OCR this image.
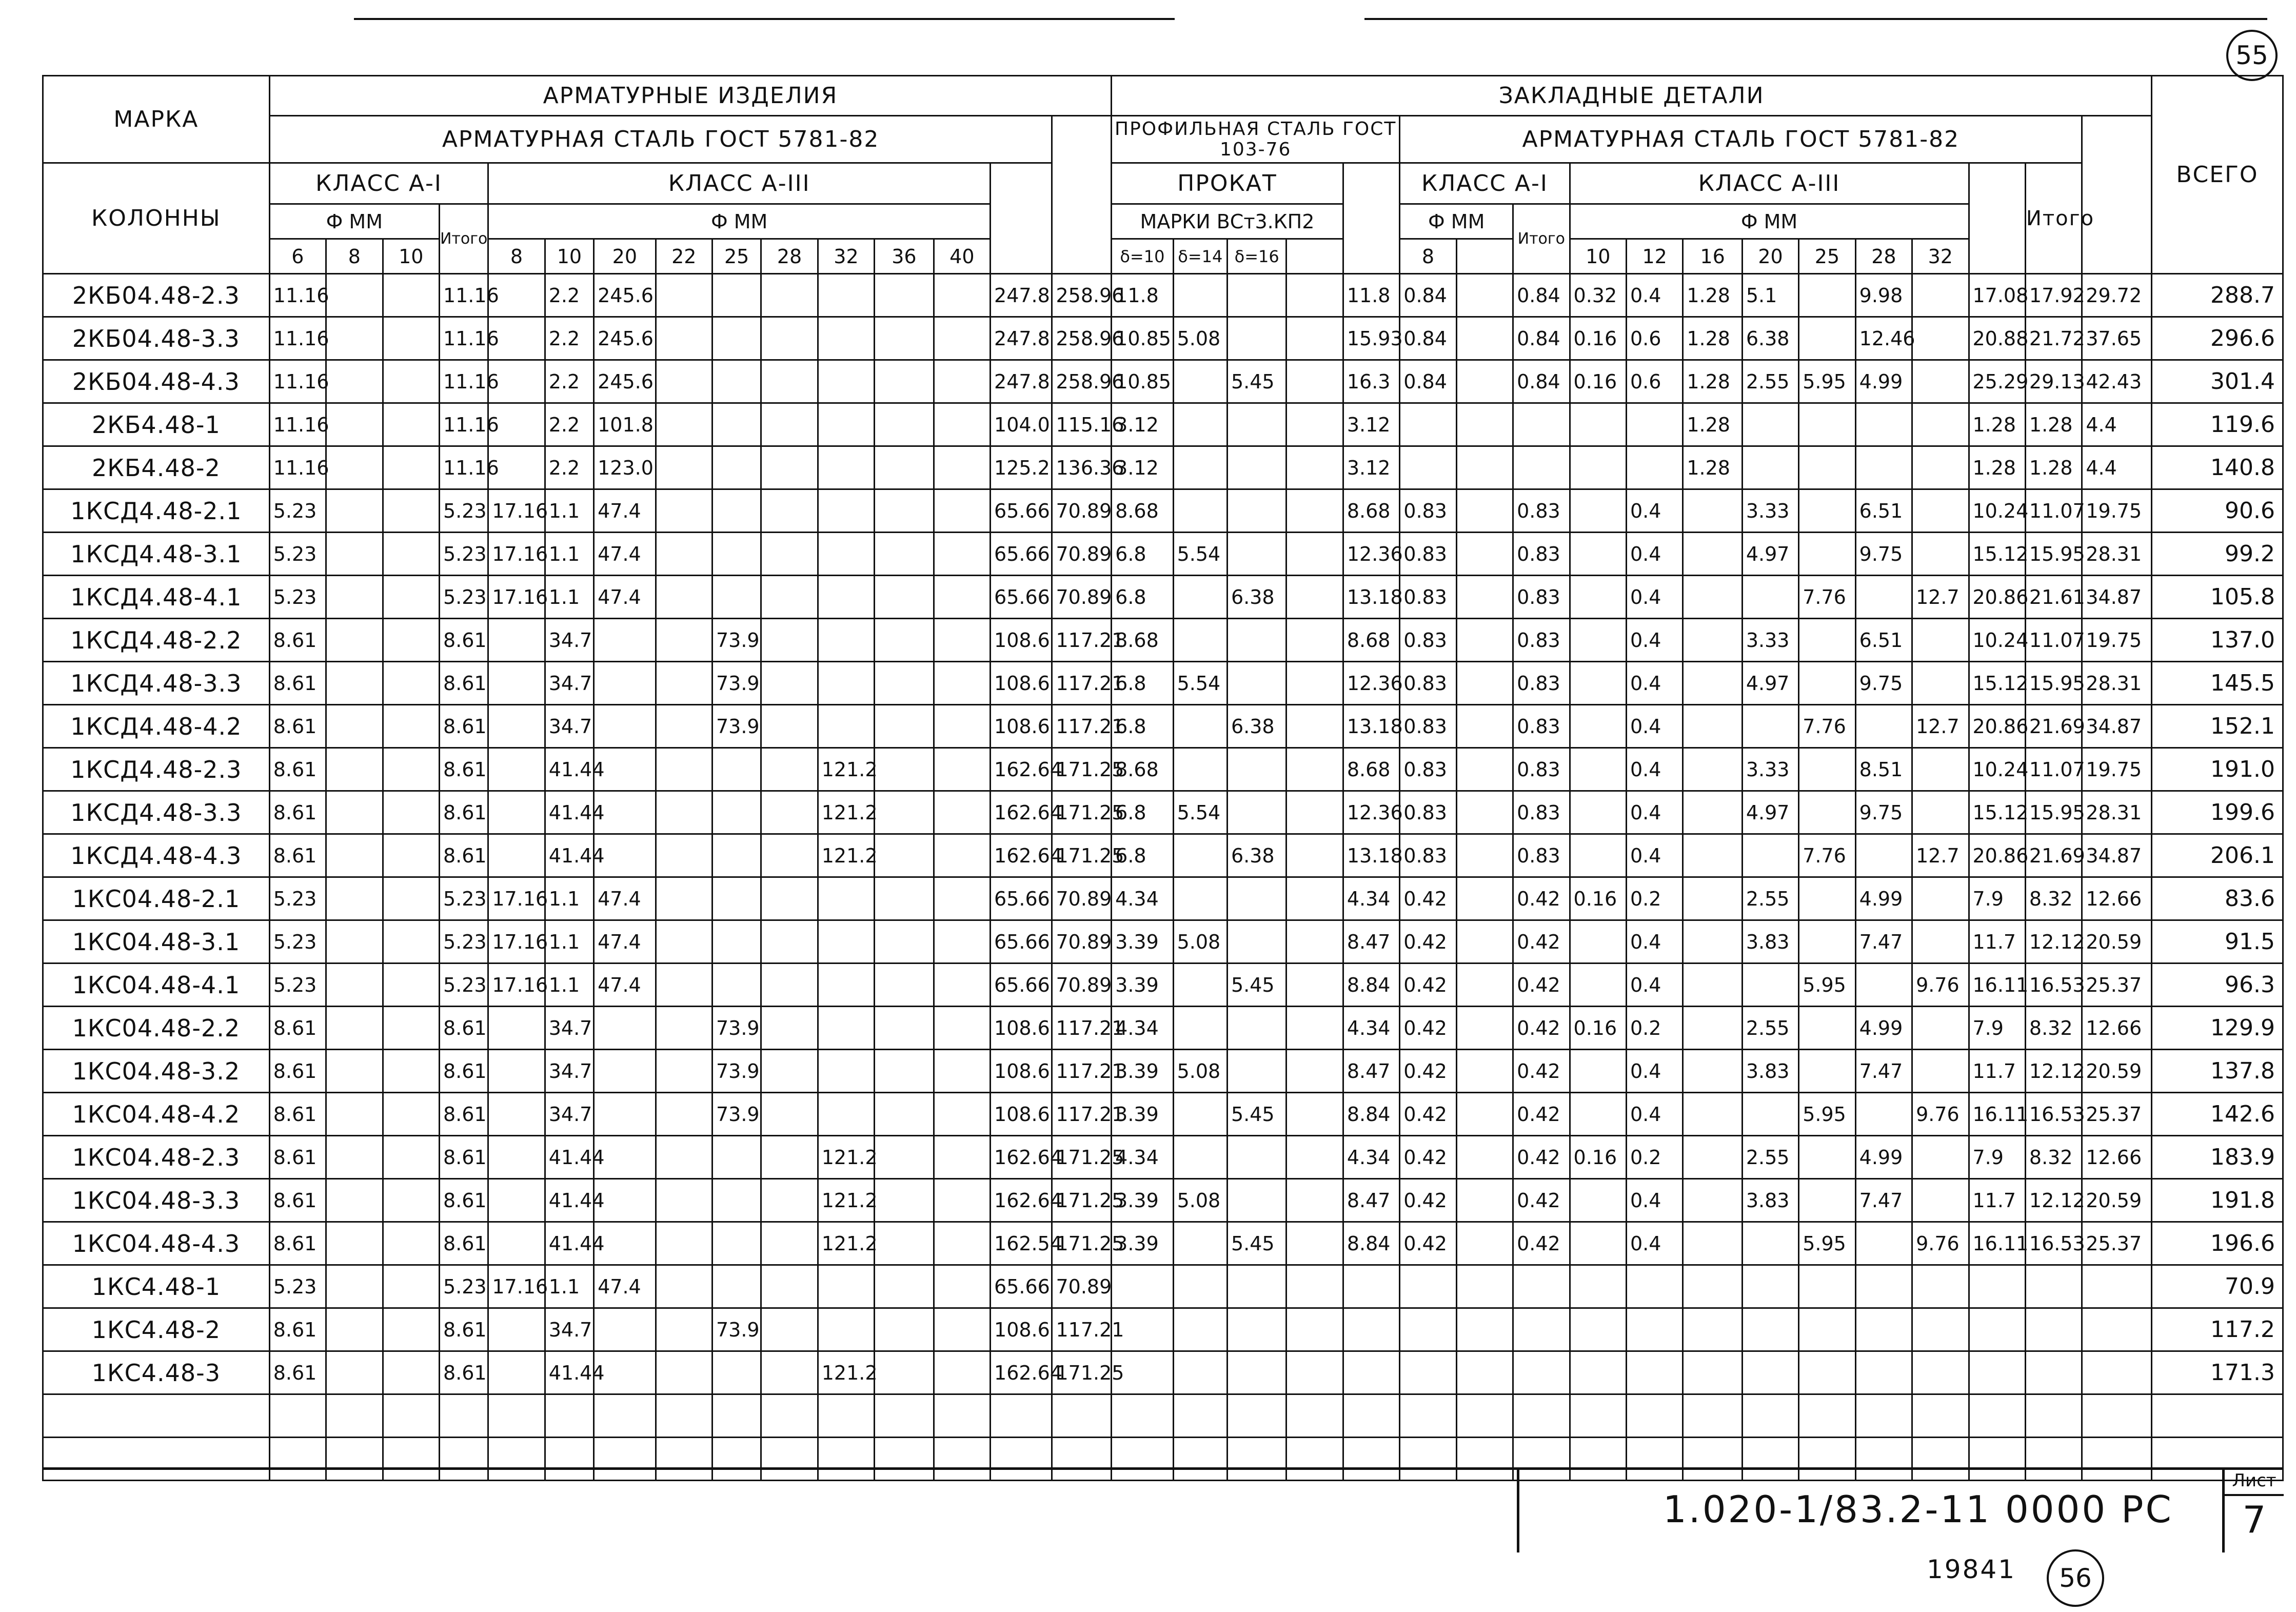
55
МАРКА	АРМАТУРНЫЕ ИЗДЕЛИЯ															ЗАКЛАДНЫЕ ДЕТАЛИ																		ВСЕГО
	АРМАТУРНАЯ СТАЛЬ ГОСТ 5781-82															ПРОФИЛЬНАЯ СТАЛЬ ГОСТ 103-76					АРМАТУРНАЯ СТАЛЬ ГОСТ 5781-82													
КОЛОННЫ	КЛАСС А-I				КЛАСС А-III											ПРОКАТ					КЛАСС А-I			КЛАСС А-III								Итого		
	Ф ММ			Итого	Ф ММ											МАРКИ ВСт3.КП2					Ф ММ		Итого	Ф ММ										
	6	8	10		8	10	20	22	25	28	32	36	40			δ=10	δ=14	δ=16			8			10	12	16	20	25	28	32				
2КБ04.48-2.3	11.16			11.16		2.2	245.6							247.8	258.96	11.8				11.8	0.84		0.84	0.32	0.4	1.28	5.1		9.98		17.08	17.92	29.72	288.7
2КБ04.48-3.3	11.16			11.16		2.2	245.6							247.8	258.96	10.85	5.08			15.93	0.84		0.84	0.16	0.6	1.28	6.38		12.46		20.88	21.72	37.65	296.6
2КБ04.48-4.3	11.16			11.16		2.2	245.6							247.8	258.96	10.85		5.45		16.3	0.84		0.84	0.16	0.6	1.28	2.55	5.95	4.99		25.29	29.13	42.43	301.4
2КБ4.48-1	11.16			11.16		2.2	101.8							104.0	115.16	3.12				3.12						1.28					1.28	1.28	4.4	119.6
2КБ4.48-2	11.16			11.16		2.2	123.0							125.2	136.36	3.12				3.12						1.28					1.28	1.28	4.4	140.8
1КСД4.48-2.1	5.23			5.23	17.16	1.1	47.4							65.66	70.89	8.68				8.68	0.83		0.83		0.4		3.33		6.51		10.24	11.07	19.75	90.6
1КСД4.48-3.1	5.23			5.23	17.16	1.1	47.4							65.66	70.89	6.8	5.54			12.36	0.83		0.83		0.4		4.97		9.75		15.12	15.95	28.31	99.2
1КСД4.48-4.1	5.23			5.23	17.16	1.1	47.4							65.66	70.89	6.8		6.38		13.18	0.83		0.83		0.4			7.76		12.7	20.86	21.61	34.87	105.8
1КСД4.48-2.2	8.61			8.61		34.7			73.9					108.6	117.21	8.68				8.68	0.83		0.83		0.4		3.33		6.51		10.24	11.07	19.75	137.0
1КСД4.48-3.3	8.61			8.61		34.7			73.9					108.6	117.21	6.8	5.54			12.36	0.83		0.83		0.4		4.97		9.75		15.12	15.95	28.31	145.5
1КСД4.48-4.2	8.61			8.61		34.7			73.9					108.6	117.21	6.8		6.38		13.18	0.83		0.83		0.4			7.76		12.7	20.86	21.69	34.87	152.1
1КСД4.48-2.3	8.61			8.61		41.44					121.2			162.64	171.25	8.68				8.68	0.83		0.83		0.4		3.33		8.51		10.24	11.07	19.75	191.0
1КСД4.48-3.3	8.61			8.61		41.44					121.2			162.64	171.25	6.8	5.54			12.36	0.83		0.83		0.4		4.97		9.75		15.12	15.95	28.31	199.6
1КСД4.48-4.3	8.61			8.61		41.44					121.2			162.64	171.25	6.8		6.38		13.18	0.83		0.83		0.4			7.76		12.7	20.86	21.69	34.87	206.1
1КС04.48-2.1	5.23			5.23	17.16	1.1	47.4							65.66	70.89	4.34				4.34	0.42		0.42	0.16	0.2		2.55		4.99		7.9	8.32	12.66	83.6
1КС04.48-3.1	5.23			5.23	17.16	1.1	47.4							65.66	70.89	3.39	5.08			8.47	0.42		0.42		0.4		3.83		7.47		11.7	12.12	20.59	91.5
1КС04.48-4.1	5.23			5.23	17.16	1.1	47.4							65.66	70.89	3.39		5.45		8.84	0.42		0.42		0.4			5.95		9.76	16.11	16.53	25.37	96.3
1КС04.48-2.2	8.61			8.61		34.7			73.9					108.6	117.21	4.34				4.34	0.42		0.42	0.16	0.2		2.55		4.99		7.9	8.32	12.66	129.9
1КС04.48-3.2	8.61			8.61		34.7			73.9					108.6	117.21	3.39	5.08			8.47	0.42		0.42		0.4		3.83		7.47		11.7	12.12	20.59	137.8
1КС04.48-4.2	8.61			8.61		34.7			73.9					108.6	117.21	3.39		5.45		8.84	0.42		0.42		0.4			5.95		9.76	16.11	16.53	25.37	142.6
1КС04.48-2.3	8.61			8.61		41.44					121.2			162.64	171.25	4.34				4.34	0.42		0.42	0.16	0.2		2.55		4.99		7.9	8.32	12.66	183.9
1КС04.48-3.3	8.61			8.61		41.44					121.2			162.64	171.25	3.39	5.08			8.47	0.42		0.42		0.4		3.83		7.47		11.7	12.12	20.59	191.8
1КС04.48-4.3	8.61			8.61		41.44					121.2			162.54	171.25	3.39		5.45		8.84	0.42		0.42		0.4			5.95		9.76	16.11	16.53	25.37	196.6
1КС4.48-1	5.23			5.23	17.16	1.1	47.4							65.66	70.89																			70.9
1КС4.48-2	8.61			8.61		34.7			73.9					108.6	117.21																			117.2
1КС4.48-3	8.61			8.61		41.44					121.2			162.64	171.25																			171.3

1.020-1/83.2-11 0000 РС
Лист
7
19841	56
